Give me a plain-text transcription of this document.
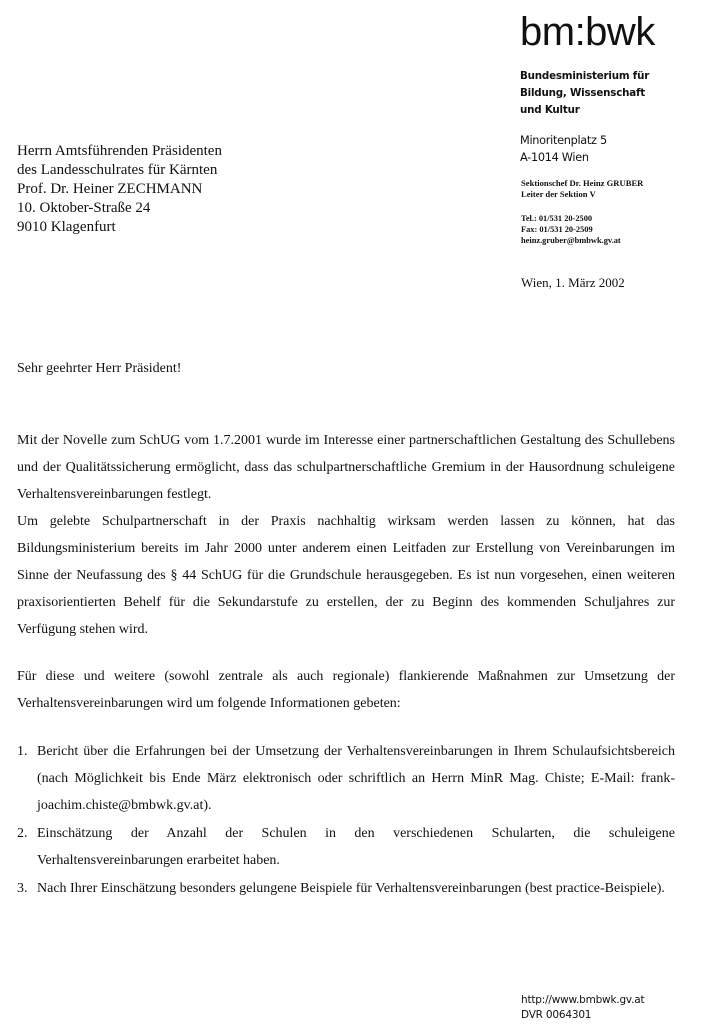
bm:bwk
Bundesministerium für
Bildung, Wissenschaft
und Kultur
Minoritenplatz 5
A-1014 Wien
Sektionschef Dr. Heinz GRUBER
Leiter der Sektion V
Tel.: 01/531 20-2500
Fax: 01/531 20-2509
heinz.gruber@bmbwk.gv.at
Wien, 1. März 2002
Herrn Amtsführenden Präsidenten
des Landesschulrates für Kärnten
Prof. Dr. Heiner ZECHMANN
10. Oktober-Straße 24
9010 Klagenfurt
Sehr geehrter Herr Präsident!
Mit der Novelle zum SchUG vom 1.7.2001 wurde im Interesse einer partnerschaftlichen Gestaltung des Schullebens und der Qualitätssicherung ermöglicht, dass das schulpartnerschaftliche Gremium in der Hausordnung schuleigene Verhaltensvereinbarungen festlegt.
Um gelebte Schulpartnerschaft in der Praxis nachhaltig wirksam werden lassen zu können, hat das Bildungsministerium bereits im Jahr 2000 unter anderem einen Leitfaden zur Erstellung von Vereinbarungen im Sinne der Neufassung des § 44 SchUG für die Grundschule herausgegeben. Es ist nun vorgesehen, einen weiteren praxisorientierten Behelf für die Sekundarstufe zu erstellen, der zu Beginn des kommenden Schuljahres zur Verfügung stehen wird.
Für diese und weitere (sowohl zentrale als auch regionale) flankierende Maßnahmen zur Umsetzung der Verhaltensvereinbarungen wird um folgende Informationen gebeten:
1. Bericht über die Erfahrungen bei der Umsetzung der Verhaltensvereinbarungen in Ihrem Schulaufsichtsbereich (nach Möglichkeit bis Ende März elektronisch oder schriftlich an Herrn MinR Mag. Chiste; E-Mail: frank-joachim.chiste@bmbwk.gv.at).
2. Einschätzung der Anzahl der Schulen in den verschiedenen Schularten, die schuleigene Verhaltensvereinbarungen erarbeitet haben.
3. Nach Ihrer Einschätzung besonders gelungene Beispiele für Verhaltensvereinbarungen (best practice-Beispiele).
http://www.bmbwk.gv.at
DVR 0064301
